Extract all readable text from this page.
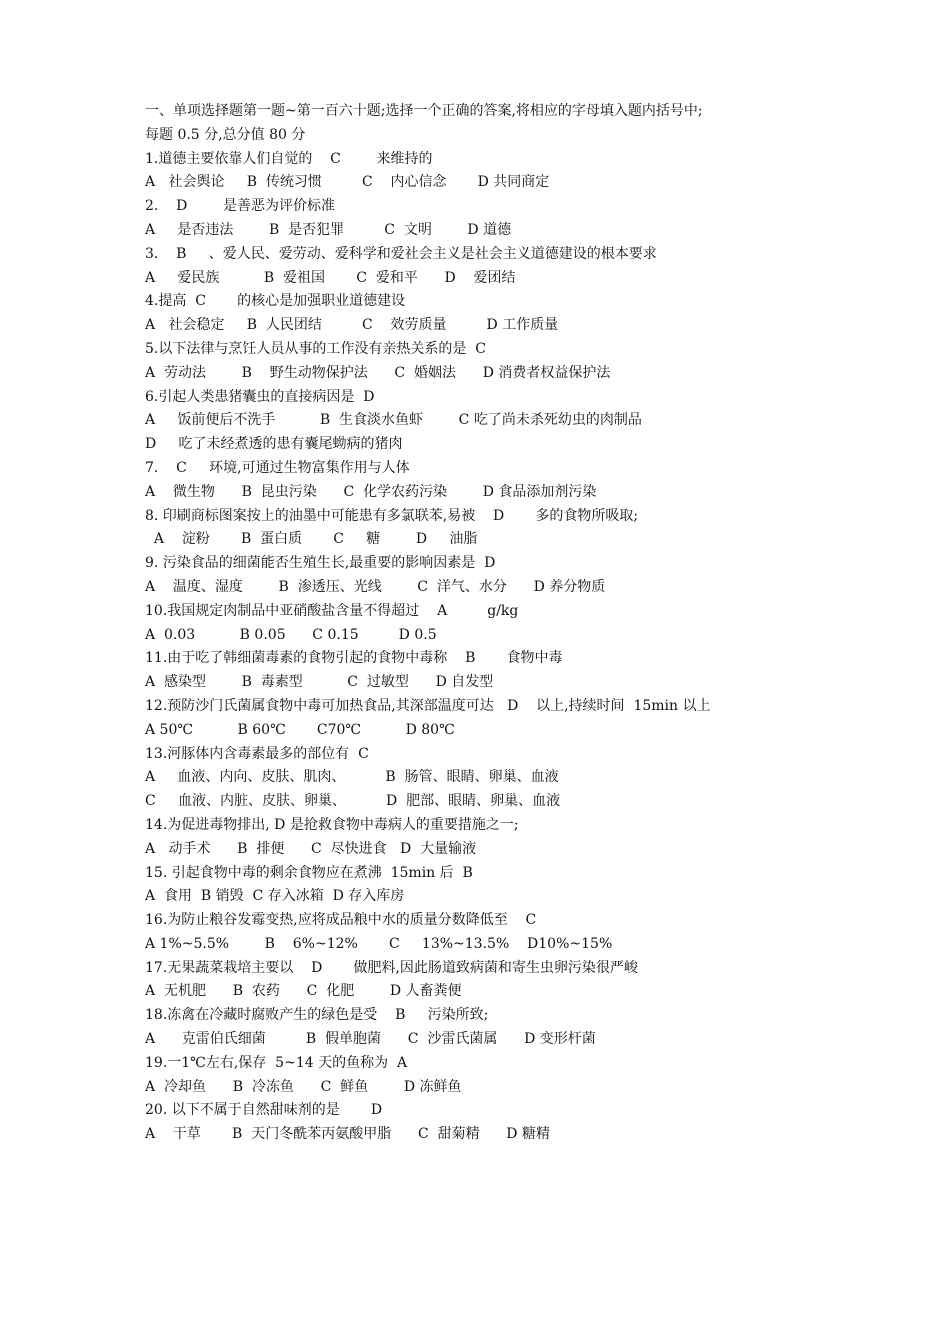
一、单项选择题第一题~第一百六十题;选择一个正确的答案,将相应的字母填入题内括号中;
每题 0.5 分,总分值 80 分
1.道德主要依靠人们自觉的    C        来维持的
A   社会舆论     B  传统习惯         C    内心信念       D 共同商定
2.    D        是善恶为评价标准
A     是否违法        B  是否犯罪         C  文明        D 道德
3.    B     、爱人民、爱劳动、爱科学和爱社会主义是社会主义道德建设的根本要求
A     爱民族          B  爱祖国       C  爱和平      D    爱团结
4.提高  C       的核心是加强职业道德建设
A   社会稳定     B  人民团结         C    效劳质量         D 工作质量
5.以下法律与烹饪人员从事的工作没有亲热关系的是  C
A  劳动法        B    野生动物保护法      C  婚姻法      D 消费者权益保护法
6.引起人类患猪囊虫的直接病因是  D
A     饭前便后不洗手          B  生食淡水鱼虾        C 吃了尚未杀死幼虫的肉制品
D     吃了未经煮透的患有囊尾蚴病的猪肉
7.    C     环境,可通过生物富集作用与人体
A    微生物      B  昆虫污染      C  化学农药污染        D 食品添加剂污染
8. 印刷商标图案按上的油墨中可能患有多氯联苯,易被    D       多的食物所吸取;
A    淀粉       B  蛋白质       C     糖        D     油脂
9. 污染食品的细菌能否生殖生长,最重要的影响因素是  D
A    温度、湿度        B  渗透压、光线        C  洋气、水分      D 养分物质
10.我国规定肉制品中亚硝酸盐含量不得超过    A         g/kg
A  0.03          B 0.05      C 0.15         D 0.5
11.由于吃了韩细菌毒素的食物引起的食物中毒称    B       食物中毒
A  感染型        B  毒素型          C  过敏型      D 自发型
12.预防沙门氏菌属食物中毒可加热食品,其深部温度可达   D    以上,持续时间  15min 以上
A 50℃          B 60℃       C70℃          D 80℃
13.河豚体内含毒素最多的部位有  C
A     血液、内向、皮肤、肌肉、         B  肠管、眼睛、卵巢、血液
C     血液、内脏、皮肤、卵巢、         D  肥部、眼睛、卵巢、血液
14.为促进毒物排出, D 是抢救食物中毒病人的重要措施之一;
A   动手术      B  排便      C  尽快进食   D  大量输液
15. 引起食物中毒的剩余食物应在煮沸  15min 后  B
A  食用  B 销毁  C 存入冰箱  D 存入库房
16.为防止粮谷发霉变热,应将成品粮中水的质量分数降低至    C
A 1%~5.5%        B    6%~12%       C     13%~13.5%    D10%~15%
17.无果蔬菜栽培主要以    D       做肥料,因此肠道致病菌和寄生虫卵污染很严峻
A  无机肥      B  农药      C  化肥        D 人畜粪便
18.冻禽在冷藏时腐败产生的绿色是受    B     污染所致;
A      克雷伯氏细菌         B  假单胞菌      C  沙雷氏菌属      D 变形杆菌
19.一1℃左右,保存  5~14 天的鱼称为  A
A  冷却鱼      B  冷冻鱼      C  鲜鱼        D 冻鲜鱼
20. 以下不属于自然甜味剂的是       D
A    干草       B  天门冬酰苯丙氨酸甲脂      C  甜菊精      D 糖精
